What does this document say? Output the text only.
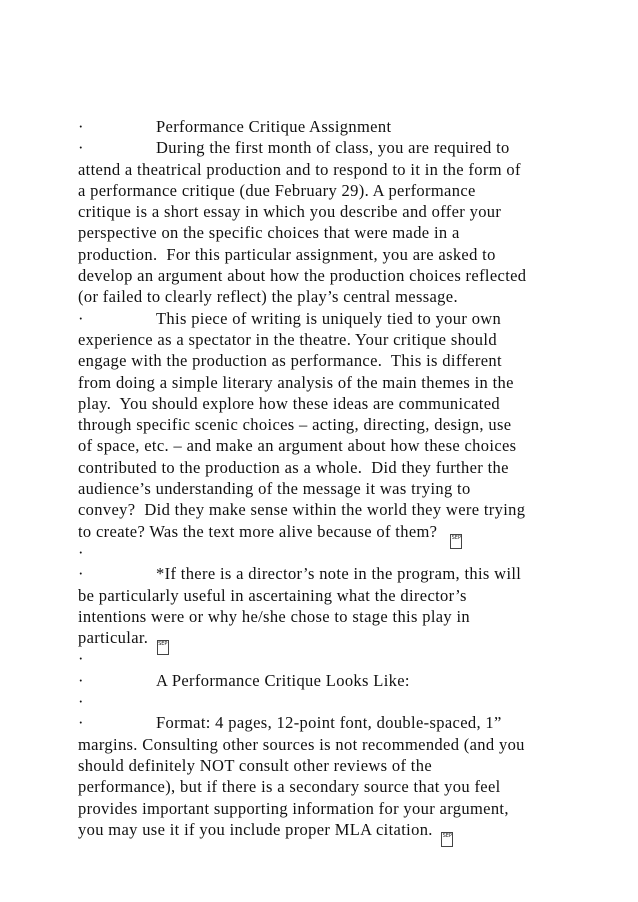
·	Performance Critique Assignment
·	During the first month of class, you are required to
attend a theatrical production and to respond to it in the form of
a performance critique (due February 29). A performance
critique is a short essay in which you describe and offer your
perspective on the specific choices that were made in a
production.  For this particular assignment, you are asked to
develop an argument about how the production choices reflected
(or failed to clearly reflect) the play’s central message.
·	This piece of writing is uniquely tied to your own
experience as a spectator in the theatre. Your critique should
engage with the production as performance.  This is different
from doing a simple literary analysis of the main themes in the
play.  You should explore how these ideas are communicated
through specific scenic choices – acting, directing, design, use
of space, etc. – and make an argument about how these choices
contributed to the production as a whole.  Did they further the
audience’s understanding of the message it was trying to
convey?  Did they make sense within the world they were trying
to create? Was the text more alive because of them?  SEP
·
·	*If there is a director’s note in the program, this will
be particularly useful in ascertaining what the director’s
intentions were or why he/she chose to stage this play in
particular. SEP
·
·	A Performance Critique Looks Like:
·
·	Format: 4 pages, 12-point font, double-spaced, 1”
margins. Consulting other sources is not recommended (and you
should definitely NOT consult other reviews of the
performance), but if there is a secondary source that you feel
provides important supporting information for your argument,
you may use it if you include proper MLA citation. SEP
